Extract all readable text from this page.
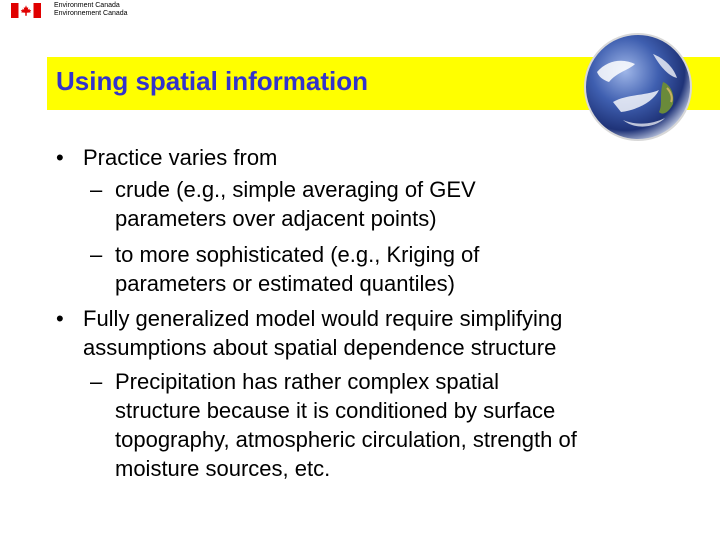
Environment Canada
Environnement Canada
Using spatial information
• Practice varies from
– crude (e.g., simple averaging of GEV
parameters over adjacent points)
– to more sophisticated (e.g., Kriging of
parameters or estimated quantiles)
• Fully generalized model would require simplifying
assumptions about spatial dependence structure
– Precipitation has rather complex spatial
structure because it is conditioned by surface
topography, atmospheric circulation, strength of
moisture sources, etc.
